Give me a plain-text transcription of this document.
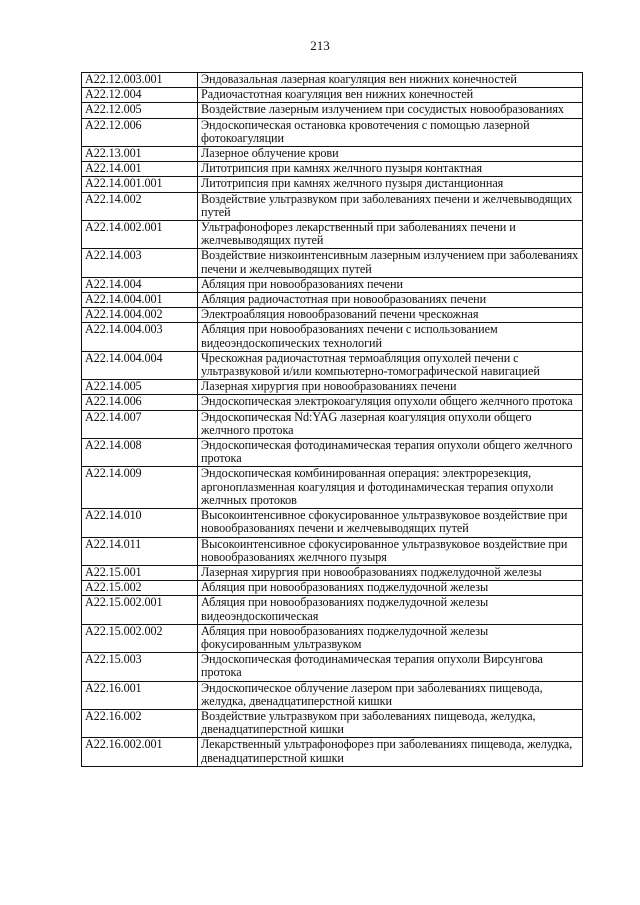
213
A22.12.003.001	Эндовазальная лазерная коагуляция вен нижних конечностей
A22.12.004	Радиочастотная коагуляция вен нижних конечностей
A22.12.005	Воздействие лазерным излучением при сосудистых новообразованиях
A22.12.006	Эндоскопическая остановка кровотечения с помощью лазерной фотокоагуляции
A22.13.001	Лазерное облучение крови
A22.14.001	Литотрипсия при камнях желчного пузыря контактная
A22.14.001.001	Литотрипсия при камнях желчного пузыря дистанционная
A22.14.002	Воздействие ультразвуком при заболеваниях печени и желчевыводящих путей
A22.14.002.001	Ультрафонофорез лекарственный при заболеваниях печени и желчевыводящих путей
A22.14.003	Воздействие низкоинтенсивным лазерным излучением при заболеваниях печени и желчевыводящих путей
A22.14.004	Абляция при новообразованиях печени
A22.14.004.001	Абляция радиочастотная при новообразованиях печени
A22.14.004.002	Электроабляция новообразований печени чрескожная
A22.14.004.003	Абляция при новообразованиях печени с использованием видеоэндоскопических технологий
A22.14.004.004	Чрескожная радиочастотная термоабляция опухолей печени с ультразвуковой и/или компьютерно-томографической навигацией
A22.14.005	Лазерная хирургия при новообразованиях печени
A22.14.006	Эндоскопическая электрокоагуляция опухоли общего желчного протока
A22.14.007	Эндоскопическая Nd:YAG лазерная коагуляция опухоли общего желчного протока
A22.14.008	Эндоскопическая фотодинамическая терапия опухоли общего желчного протока
A22.14.009	Эндоскопическая комбинированная операция: электрорезекция, аргоноплазменная коагуляция и фотодинамическая терапия опухоли желчных протоков
A22.14.010	Высокоинтенсивное сфокусированное ультразвуковое воздействие при новообразованиях печени и желчевыводящих путей
A22.14.011	Высокоинтенсивное сфокусированное ультразвуковое воздействие при новообразованиях желчного пузыря
A22.15.001	Лазерная хирургия при новообразованиях поджелудочной железы
A22.15.002	Абляция при новообразованиях поджелудочной железы
A22.15.002.001	Абляция при новообразованиях поджелудочной железы видеоэндоскопическая
A22.15.002.002	Абляция при новообразованиях поджелудочной железы фокусированным ультразвуком
A22.15.003	Эндоскопическая фотодинамическая терапия опухоли Вирсунгова протока
A22.16.001	Эндоскопическое облучение лазером при заболеваниях пищевода, желудка, двенадцатиперстной кишки
A22.16.002	Воздействие ультразвуком при заболеваниях пищевода, желудка, двенадцатиперстной кишки
A22.16.002.001	Лекарственный ультрафонофорез при заболеваниях пищевода, желудка, двенадцатиперстной кишки
